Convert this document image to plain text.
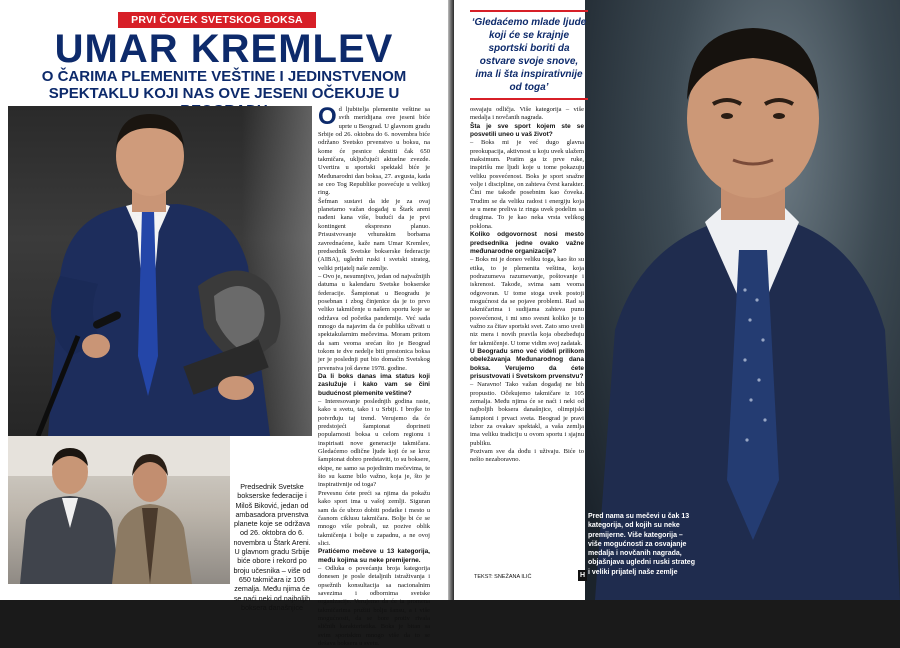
PRVI ČOVEK SVETSKOG BOKSA
UMAR KREMLEV
O ČARIMA PLEMENITE VEŠTINE I JEDINSTVENOM SPEKTAKLU KOJI NAS OVE JESENI OČEKUJE U
Predsednik Svetske bokserske federacije i Miloš Biković, jedan od ambasadora prvenstva planete koje se održava od 26. oktobra do 6. novembra u Štark Areni. U glavnom gradu Srbije biće obore i rekord po broju učesnika – više od 650 takmičara iz 105 zemalja. Među njima će se naći neki od najboljih boksera današnjice
O d ljubitelja plemenite veštine sa svih meridijana ove jeseni biće uprte u Beograd. U glavnom gradu Srbije od 26. oktobra do 6. novembra biće održano Svetsko prvenstvo u boksu, na kome će pesnice ukrstiti čak 650 takmičara, uključujući aktuelne zvezde. Uvertira u sportski spektakl biće je Međunarodni dan boksa, 27. avgusta, kada se ceo Tog Republike posvećuje u velikoj ring.

Šefman sustavi da ide je za ovaj planetarno važan događaj u Štark areni nađeni kana više, budući da je prvi kontingent ekspresno planuo. Prisustvovanje vrhunskim borbama zavrednaćene, kaže nam Umar Kremlev, predsednik Svetske bokserske federacije (AIBA), ugledni ruski i svetski strateg, veliki prijatelj naše zemlje.

– Ovo je, nesumnjivo, jedan od najvažnijih datuma u kalendaru Svetske bokserske federacije. Šampionat u Beogradu je posebnan i zbog činjenice da je to prvo veliko takmičenje u našem sportu koje se održava od početka pandemije. Već sada mnogo da najavim da će publika uživati u spektakularnim mečevima. Moram pritom da sam veoma srećan što je Beograd tokom te dve nedelje biti prestonica boksa jer je poslednji put bio domaćin Svetskog prvenstva još davne 1978. godine.

Da li boks danas ima status koji zaslužuje i kako vam se čini budućnost plemenite veštine?

– Interesovanje poslednjih godina raste, kako u svetu, tako i u Srbiji. I brojke to potvrđuju taj trend. Verujemo da će predstojeći šampionat doprineti popularnosti boksa u celom regionu i inspirisati nove generacije takmičara. Gledaćemo odlične ljude koji će se kroz šampionat dobro predstaviti, to su boksere, ekipe, ne samo sa pojedinim mečevima, te što su kazne bilo važno, koja je, što je inspirativnije od toga?

Prevesnu ćete preći sa njima da pokažu kako sport ima u vašoj zemlji. Siguran sam da će ubrzo dobiti podatke i mesto u časnom ciklusu takmičara. Bolje bi će se mnogo više pobrali, uz pozive oblik takmičenja i bolje u zapadnu, a ne ovoj slici.

Pratićemo mečeve u 13 kategorija, među kojima su neke premijerne.

– Odluka o povećanju broja kategorija donesen je posle detaljnih istraživanja i opsežnih konsultacija sa nacionalnim savezima i odbornima svetske organizacije. Verujemo da će ta promena takmičarima pružiti bolju šansu, a i više mogućnosti, da se bore protiv rivala sličnih karakteristika. Boks je bitan sa svim sportskim mnogo više da to se dešava boksera u svetu.

‘Gledaćemo mlade ljude koji će se krajnje sportski boriti da ostvare svoje snove, ima li šta inspirativnije od toga’

osvajaju odličja. Više kategorija – više medalja i novčanih nagrada.

Šta je sve sport kojem ste se posvetili uneo u vaš život?

– Boks mi je već dugo glavna preokupacija, aktivnost u koju uvek ulažem maksimum. Pratim ga iz prve ruke, inspirišu me ljudi koje u tome pokazuju veliku posvećenost. Boks je sport snažne volje i discipline, on zahteva čvrst karakter. Čini me takođe posebnim kao čoveka. Trudim se da veliku radost i energiju koja se u mene preliva iz ringa uvek podelim sa drugima. To je kao neka vrsta velikog poklona.

Koliko odgovornost nosi mesto predsednika jedne ovako važne međunarodne organizacije?

– Boks mi je donео veliku toga, kao što su etika, to je plemenita veština, koja podrazumeva razumevanje, poštovanje i iskrenost. Takođe, svima sam veoma odgovoran. U tome stoga uvek postoji mogućnost da se pojave problemi. Rad sa takmičarima i sudijama zahteva punu posvećenost, i mi smo svesni koliko je to važno za čitav sportski svet. Zato smo uveli niz mera i novih pravila koja obezbeđuju fer takmičenje. U tome vidim svoj zadatak.

U Beogradu smo već videli prilikom obeležavanja Međunarodnog dana boksa. Verujemo da ćete prisustvovati i Svetskom prvenstvu?

– Naravno! Tako važan događaj ne bih propustio. Očekujemo takmičare iz 105 zemalja. Među njima će se naći i neki od najboljih boksera današnjice, olimpijski šampioni i prvaci sveta. Beograd je pravi izbor za ovakav spektakl, a vaša zemlja ima veliku tradiciju u ovom sportu i sjajnu publiku.

Pozivam sve da dođu i uživaju. Biće to nešto nezaboravno.

TEKST: SNEŽANA ILIĆ	H
Pred nama su mečevi u čak 13 kategorija, od kojih su neke premijerne. Više kategorija – više mogućnosti za osvajanje medalja i novčanih nagrada, objašnjava ugledni ruski strateg i veliki prijatelj naše zemlje
